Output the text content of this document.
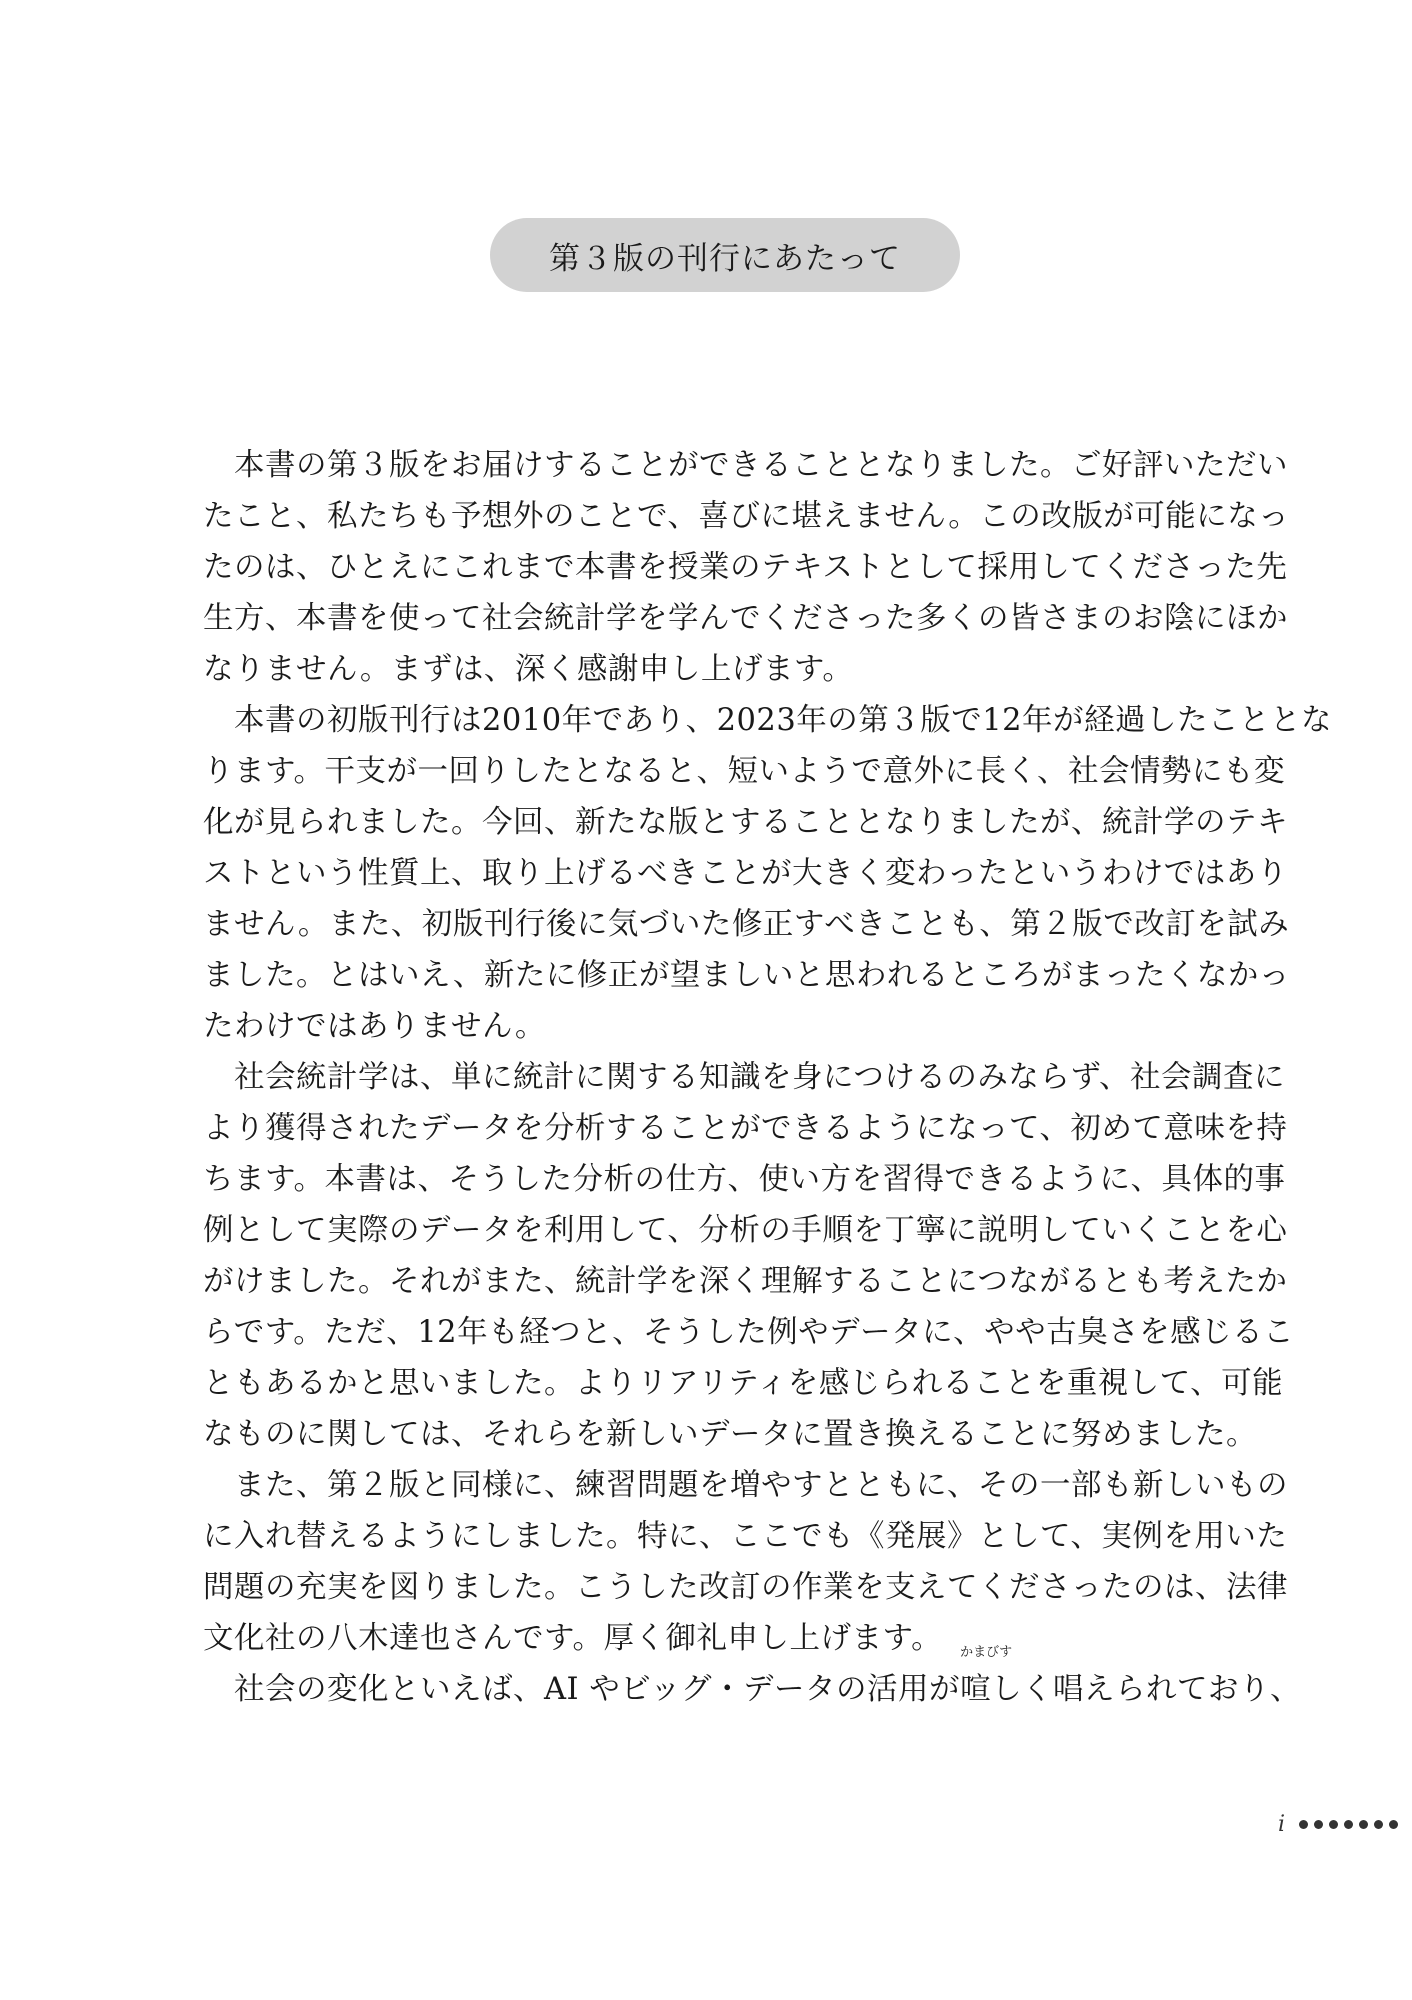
第３版の刊行にあたって
　本書の第３版をお届けすることができることとなりました。ご好評いただい
たこと、私たちも予想外のことで、喜びに堪えません。この改版が可能になっ
たのは、ひとえにこれまで本書を授業のテキストとして採用してくださった先
生方、本書を使って社会統計学を学んでくださった多くの皆さまのお陰にほか
なりません。まずは、深く感謝申し上げます。
　本書の初版刊行は2010年であり、2023年の第３版で12年が経過したこととな
ります。干支が一回りしたとなると、短いようで意外に長く、社会情勢にも変
化が見られました。今回、新たな版とすることとなりましたが、統計学のテキ
ストという性質上、取り上げるべきことが大きく変わったというわけではあり
ません。また、初版刊行後に気づいた修正すべきことも、第２版で改訂を試み
ました。とはいえ、新たに修正が望ましいと思われるところがまったくなかっ
たわけではありません。
　社会統計学は、単に統計に関する知識を身につけるのみならず、社会調査に
より獲得されたデータを分析することができるようになって、初めて意味を持
ちます。本書は、そうした分析の仕方、使い方を習得できるように、具体的事
例として実際のデータを利用して、分析の手順を丁寧に説明していくことを心
がけました。それがまた、統計学を深く理解することにつながるとも考えたか
らです。ただ、12年も経つと、そうした例やデータに、やや古臭さを感じるこ
ともあるかと思いました。よりリアリティを感じられることを重視して、可能
なものに関しては、それらを新しいデータに置き換えることに努めました。
　また、第２版と同様に、練習問題を増やすとともに、その一部も新しいもの
に入れ替えるようにしました。特に、ここでも《発展》として、実例を用いた
問題の充実を図りました。こうした改訂の作業を支えてくださったのは、法律
文化社の八木達也さんです。厚く御礼申し上げます。
　社会の変化といえば、AI やビッグ・データの活用が
かまびす
喧しく唱えられており、
i
